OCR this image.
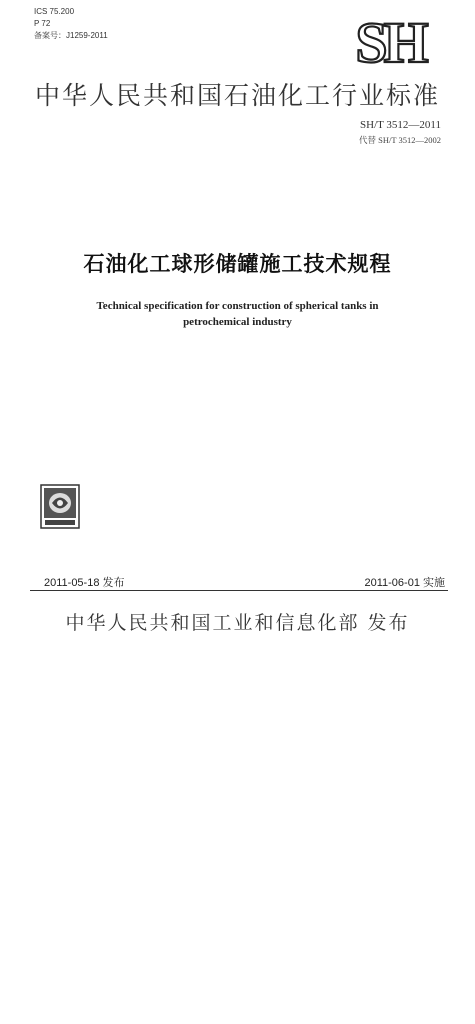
ICS 75.200
P 72
备案号：J1259-2011	SH
中华人民共和国石油化工行业标准
SH/T 3512—2011
代替 SH/T 3512—2002
石油化工球形储罐施工技术规程
Technical specification for construction of spherical tanks in
petrochemical industry
2011-05-18 发布	2011-06-01 实施
中华人民共和国工业和信息化部 发布
